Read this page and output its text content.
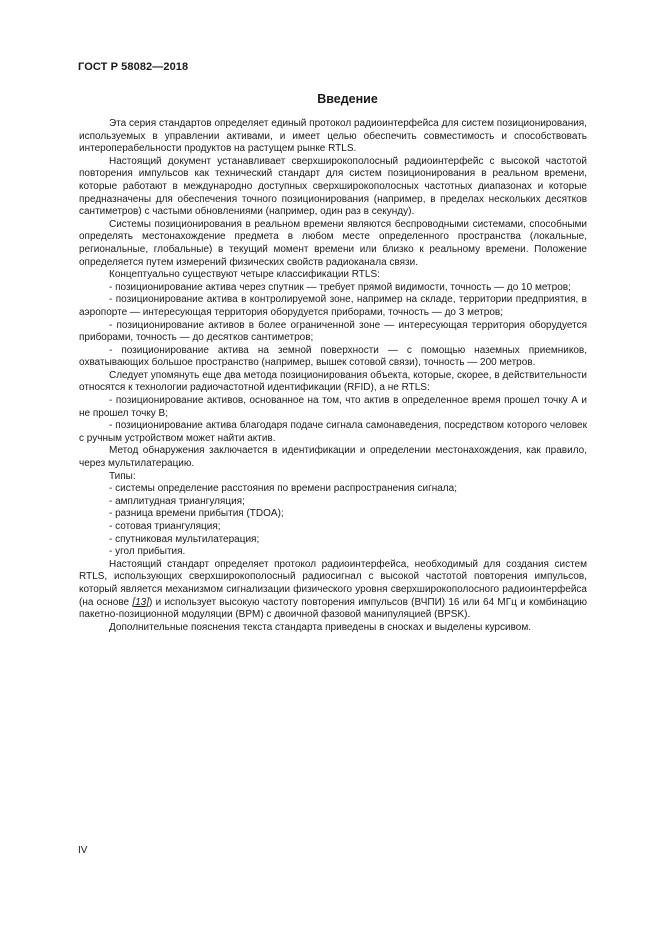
ГОСТ Р 58082—2018
Введение

Эта серия стандартов определяет единый протокол радиоинтерфейса для систем позиционирования, используемых в управлении активами, и имеет целью обеспечить совместимость и способствовать интероперабельности продуктов на растущем рынке RTLS.

Настоящий документ устанавливает сверхширокополосный радиоинтерфейс с высокой частотой повторения импульсов как технический стандарт для систем позиционирования в реальном времени, которые работают в международно доступных сверхширокополосных частотных диапазонах и которые предназначены для обеспечения точного позиционирования (например, в пределах нескольких десятков сантиметров) с частыми обновлениями (например, один раз в секунду).

Системы позиционирования в реальном времени являются беспроводными системами, способными определять местонахождение предмета в любом месте определенного пространства (локальные, региональные, глобальные) в текущий момент времени или близко к реальному времени. Положение определяется путем измерений физических свойств радиоканала связи.

Концептуально существуют четыре классификации RTLS:

- позиционирование актива через спутник — требует прямой видимости, точность — до 10 метров;

- позиционирование актива в контролируемой зоне, например на складе, территории предприятия, в аэропорте — интересующая территория оборудуется приборами, точность — до 3 метров;

- позиционирование активов в более ограниченной зоне — интересующая территория оборудуется приборами, точность — до десятков сантиметров;

- позиционирование актива на земной поверхности — с помощью наземных приемников, охватывающих большое пространство (например, вышек сотовой связи), точность — 200 метров.

Следует упомянуть еще два метода позиционирования объекта, которые, скорее, в действительности относятся к технологии радиочастотной идентификации (RFID), а не RTLS:

- позиционирование активов, основанное на том, что актив в определенное время прошел точку А и не прошел точку В;

- позиционирование актива благодаря подаче сигнала самонаведения, посредством которого человек с ручным устройством может найти актив.

Метод обнаружения заключается в идентификации и определении местонахождения, как правило, через мультилатерацию.

Типы:

- системы определение расстояния по времени распространения сигнала;

- амплитудная триангуляция;

- разница времени прибытия (TDOA);

- сотовая триангуляция;

- спутниковая мультилатерация;

- угол прибытия.

Настоящий стандарт определяет протокол радиоинтерфейса, необходимый для создания систем RTLS, использующих сверхширокополосный радиосигнал с высокой частотой повторения импульсов, который является механизмом сигнализации физического уровня сверхширокополосного радиоинтерфейса (на основе [13]) и использует высокую частоту повторения импульсов (ВЧПИ) 16 или 64 МГц и комбинацию пакетно-позиционной модуляции (BPM) с двоичной фазовой манипуляцией (BPSK).

Дополнительные пояснения текста стандарта приведены в сносках и выделены курсивом.

IV
